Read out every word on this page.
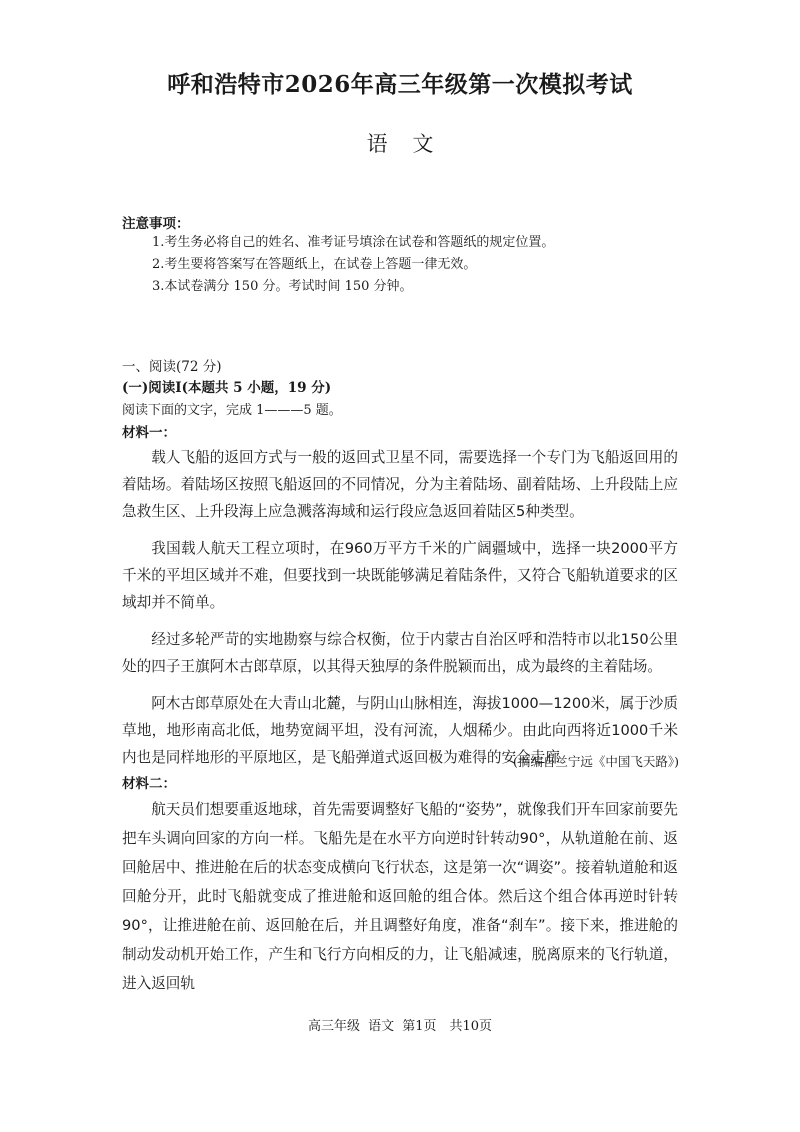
呼和浩特市2026年高三年级第一次模拟考试
语 文
注意事项：
1.考生务必将自己的姓名、准考证号填涂在试卷和答题纸的规定位置。
2.考生要将答案写在答题纸上，在试卷上答题一律无效。
3.本试卷满分 150 分。考试时间 150 分钟。
一、阅读(72 分)
(一)阅读Ⅰ(本题共 5 小题，19 分)
阅读下面的文字，完成 1———5 题。
材料一：

载人飞船的返回方式与一般的返回式卫星不同，需要选择一个专门为飞船返回用的着陆场。着陆场区按照飞船返回的不同情况，分为主着陆场、副着陆场、上升段陆上应急救生区、上升段海上应急溅落海域和运行段应急返回着陆区5种类型。

我国载人航天工程立项时，在960万平方千米的广阔疆域中，选择一块2000平方千米的平坦区域并不难，但要找到一块既能够满足着陆条件，又符合飞船轨道要求的区域却并不简单。

经过多轮严苛的实地勘察与综合权衡，位于内蒙古自治区呼和浩特市以北150公里处的四子王旗阿木古郎草原，以其得天独厚的条件脱颖而出，成为最终的主着陆场。

阿木古郎草原处在大青山北麓，与阴山山脉相连，海拔1000—1200米，属于沙质草地，地形南高北低，地势宽阔平坦，没有河流，人烟稀少。由此向西将近1000千米内也是同样地形的平原地区，是飞船弹道式返回极为难得的安全走廊。

(摘编自兰宁远《中国飞天路》)
材料二：

航天员们想要重返地球，首先需要调整好飞船的“姿势”，就像我们开车回家前要先把车头调向回家的方向一样。飞船先是在水平方向逆时针转动90°，从轨道舱在前、返回舱居中、推进舱在后的状态变成横向飞行状态，这是第一次“调姿”。接着轨道舱和返回舱分开，此时飞船就变成了推进舱和返回舱的组合体。然后这个组合体再逆时针转90°，让推进舱在前、返回舱在后，并且调整好角度，准备“刹车”。接下来，推进舱的制动发动机开始工作，产生和飞行方向相反的力，让飞船减速，脱离原来的飞行轨道，进入返回轨

高三年级 语文 第1页　共10页
